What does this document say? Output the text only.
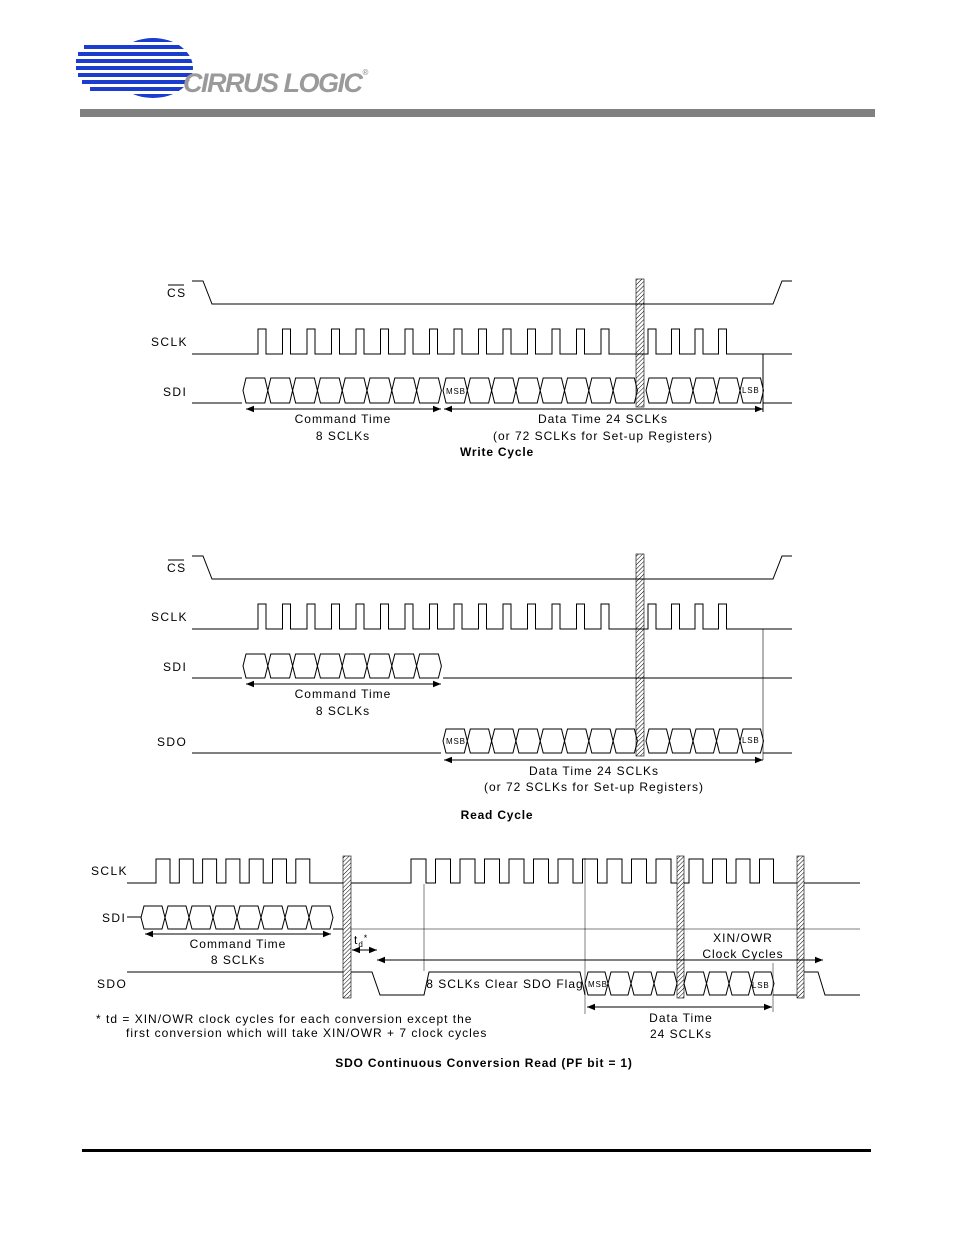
CIRRUS LOGIC®
CS
SCLK
SDI	MSB	LSB
Command Time
8 SCLKs
Data Time 24 SCLKs
(or 72 SCLKs for Set-up Registers)
Write Cycle
CS
SCLK
SDI
SDO	MSB	LSB
Command Time
8 SCLKs
Data Time 24 SCLKs
(or 72 SCLKs for Set-up Registers)
Read Cycle
SCLK
SDI
SDO
Command Time
8 SCLKs
$t_d^*$	XIN/OWR
Clock Cycles
8 SCLKs Clear SDO Flag MSB	LSB
Data Time
24 SCLKs
* td = XIN/OWR clock cycles for each conversion except the
first conversion which will take XIN/OWR + 7 clock cycles
SDO Continuous Conversion Read (PF bit = 1)
